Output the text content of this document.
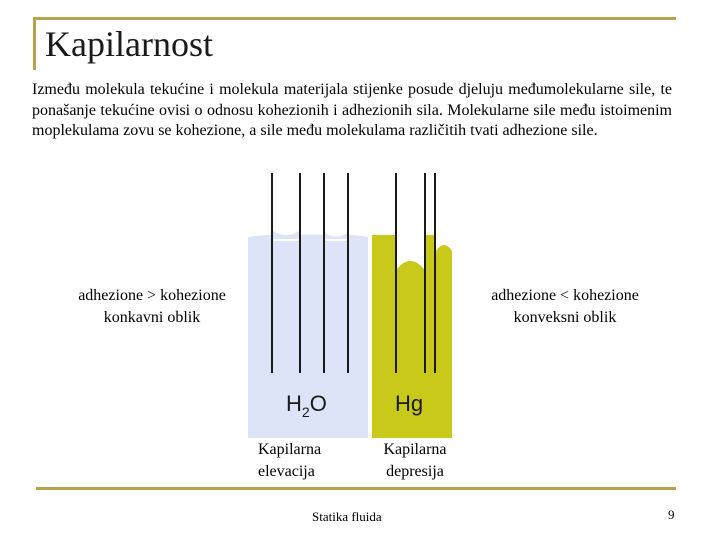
Kapilarnost
Između molekula tekućine i molekula materijala stijenke posude djeluju međumolekularne sile, te ponašanje tekućine ovisi o odnosu kohezionih i adhezionih sila. Molekularne sile među istoimenim moplekulama zovu se kohezione, a sile među molekulama različitih tvati adhezione sile.
$H_2O$	Hg
adhezione > kohezione
konkavni oblik
adhezione < kohezione
konveksni oblik
Kapilarna
elevacija
Kapilarna
depresija
Statika fluida	9
